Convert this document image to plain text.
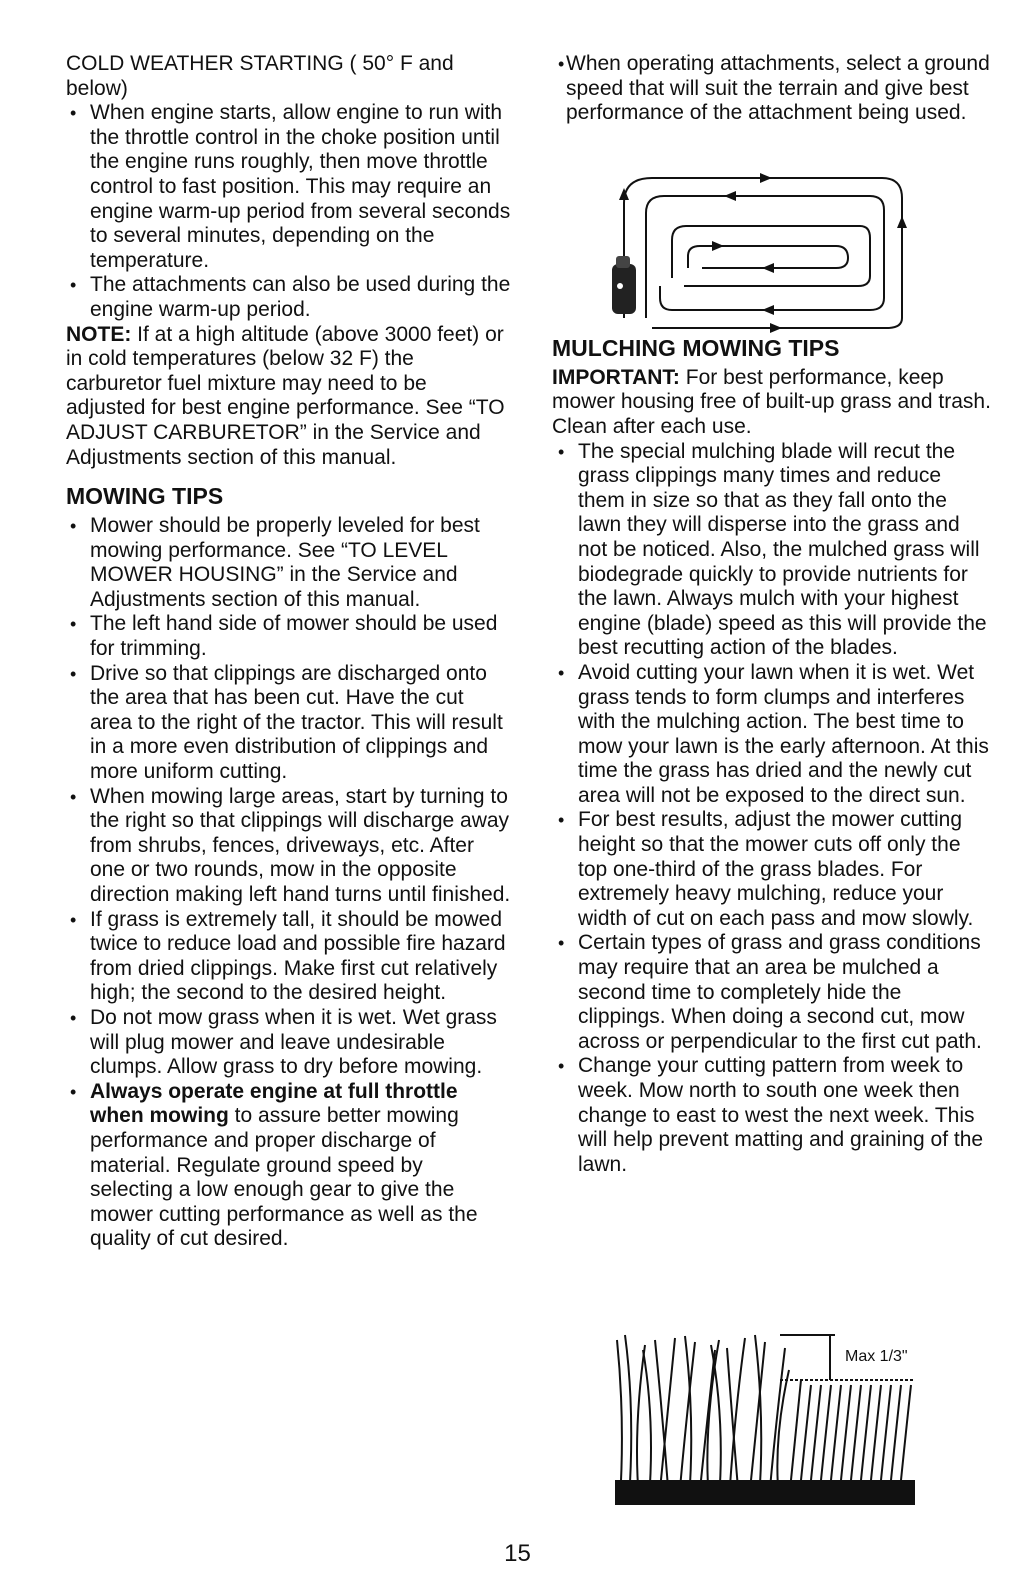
COLD WEATHER STARTING ( 50° F and below)

• When engine starts, allow engine to run with the throttle control in the choke position until the engine runs roughly, then move throttle control to fast position. This may require an engine warm-up period from several seconds to several minutes, depending on the temperature.

• The attachments can also be used during the engine warm-up period.

NOTE: If at a high altitude (above 3000 feet) or in cold temperatures (below 32 F) the carburetor fuel mixture may need to be adjusted for best engine performance. See “TO ADJUST CARBURETOR” in the Service and Adjustments section of this manual.

MOWING TIPS

• Mower should be properly leveled for best mowing performance. See “TO LEVEL MOWER HOUSING” in the Service and Adjustments section of this manual.

• The left hand side of mower should be used for trimming.

• Drive so that clippings are discharged onto the area that has been cut. Have the cut area to the right of the tractor. This will result in a more even distribution of clippings and more uniform cutting.

• When mowing large areas, start by turning to the right so that clippings will discharge away from shrubs, fences, driveways, etc. After one or two rounds, mow in the opposite direction making left hand turns until finished.

• If grass is extremely tall, it should be mowed twice to reduce load and possible fire hazard from dried clippings. Make first cut relatively high; the second to the desired height.

• Do not mow grass when it is wet. Wet grass will plug mower and leave undesirable clumps. Allow grass to dry before mowing.

• Always operate engine at full throttle when mowing to assure better mowing performance and proper discharge of material. Regulate ground speed by selecting a low enough gear to give the mower cutting performance as well as the quality of cut desired.

• When operating attachments, select a ground speed that will suit the terrain and give best performance of the attachment being used.

MULCHING MOWING TIPS

IMPORTANT: For best performance, keep mower housing free of built-up grass and trash. Clean after each use.

• The special mulching blade will recut the grass clippings many times and reduce them in size so that as they fall onto the lawn they will disperse into the grass and not be noticed. Also, the mulched grass will biodegrade quickly to provide nutrients for the lawn. Always mulch with your highest engine (blade) speed as this will provide the best recutting action of the blades.

• Avoid cutting your lawn when it is wet. Wet grass tends to form clumps and interferes with the mulching action. The best time to mow your lawn is the early afternoon. At this time the grass has dried and the newly cut area will not be exposed to the direct sun.

• For best results, adjust the mower cutting height so that the mower cuts off only the top one-third of the grass blades. For extremely heavy mulching, reduce your width of cut on each pass and mow slowly.

• Certain types of grass and grass conditions may require that an area be mulched a second time to completely hide the clippings. When doing a second cut, mow across or perpendicular to the first cut path.

• Change your cutting pattern from week to week. Mow north to south one week then change to east to west the next week. This will help prevent matting and graining of the lawn.

Max 1/3"
15
